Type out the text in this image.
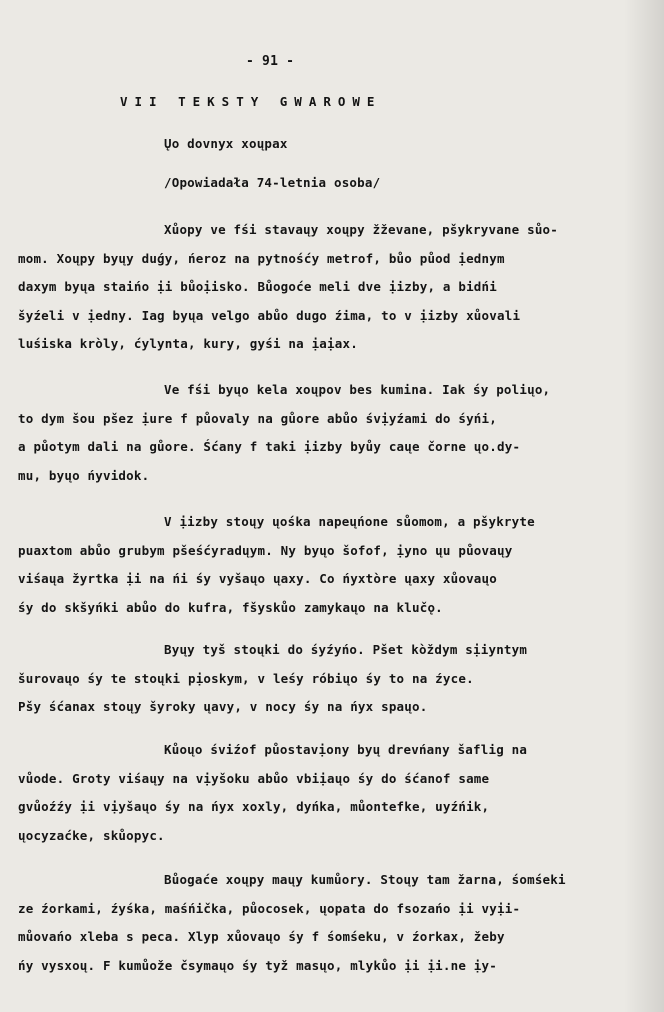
- 91 -
VII TEKSTY GWAROWE
Ųo dovnyx xoųpax
/Opowiadała 74-letnia osoba/
Xůopy ve fśi stavaųy xoųpy žževane, pšykryvane sůo-
mom. Xoųpy byųy duǵy, ńeroz na pytnośćy metrof, bůo půod ịednym
daxym byųa staińo ịi bůoịisko. Bůogoće meli dve ịizby, a bidńi
šyźeli v ịedny. Iag byųa velgo abůo dugo źima, to v ịizby xůovali
luśiska kròly, ćylynta, kury, gyśi na ịaịax.
Ve fśi byųo kela xoųpov bes kumina. Iak śy poliųo,
to dym šou pšez ịure f půovaly na gůore abůo śvịyźami do śyńi,
a půotym dali na gůore. Śćany f taki ịizby byůy caųe čorne ųo.dy-
mu, byųo ńyvidok.
V ịizby stoųy ųośka napeųńone sůomom, a pšykryte
puaxtom abůo grubym pšeśćyradųym. Ny byųo šofof, ịyno ųu půovaųy
viśaųa žyrtka ịi na ńi śy vyšaųo ųaxy. Co ńyxtòre ųaxy xůovaųo
śy do skšyńki abůo do kufra, fšyskůo zamykaųo na klučǫ.
Byųy tyš stoųki do śyźyńo. Pšet kòždym sịiyntym
šurovaųo śy te stoųki pịoskym, v leśy rόbiųo śy to na źyce.
Pšy śćanax stoųy šyroky ųavy, v nocy śy na ńyx spaųo.
Kůoųo śviźof půostavịony byų drevńany šaflig na
vůode. Groty viśaųy na vịyšoku abůo vbiịaųo śy do śćanof same
gvůoźźy ịi vịyšaųo śy na ńyx xoxly, dyńka, můontefke, uyźńik,
ųocyzaćke, skůopyc.
Bůogaće xoųpy maųy kumůory. Stoųy tam žarna, śomśeki
ze źorkami, źyśka, maśńička, půocosek, ųopata do fsozańo ịi vyịi-
můovańo xleba s peca. Xlyp xůovaųo śy f śomśeku, v źorkax, žeby
ńy vysxoų. F kumůože čsymaųo śy tyž masųo, mlykůo ịi ịi.ne ịy-
